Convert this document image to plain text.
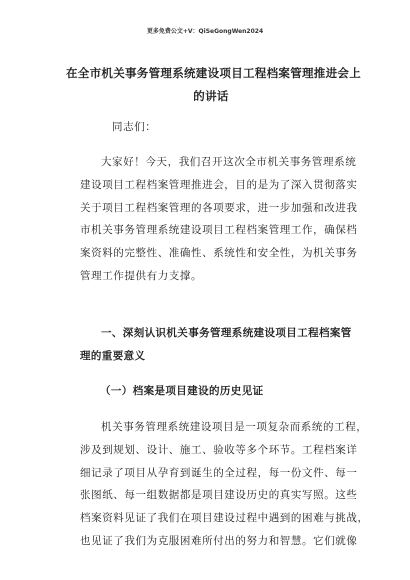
更多免费公文+V：QiSeGongWen2024
在全市机关事务管理系统建设项目工程档案管理推进会上
的讲话
同志们：
大家好！今天，我们召开这次全市机关事务管理系统
建设项目工程档案管理推进会，目的是为了深入贯彻落实
关于项目工程档案管理的各项要求，进一步加强和改进我
市机关事务管理系统建设项目工程档案管理工作，确保档
案资料的完整性、准确性、系统性和安全性，为机关事务
管理工作提供有力支撑。
一、深刻认识机关事务管理系统建设项目工程档案管
理的重要意义
（一）档案是项目建设的历史见证
机关事务管理系统建设项目是一项复杂而系统的工程，
涉及到规划、设计、施工、验收等多个环节。工程档案详
细记录了项目从孕育到诞生的全过程，每一份文件、每一
张图纸、每一组数据都是项目建设历史的真实写照。这些
档案资料见证了我们在项目建设过程中遇到的困难与挑战，
也见证了我们为克服困难所付出的努力和智慧。它们就像
